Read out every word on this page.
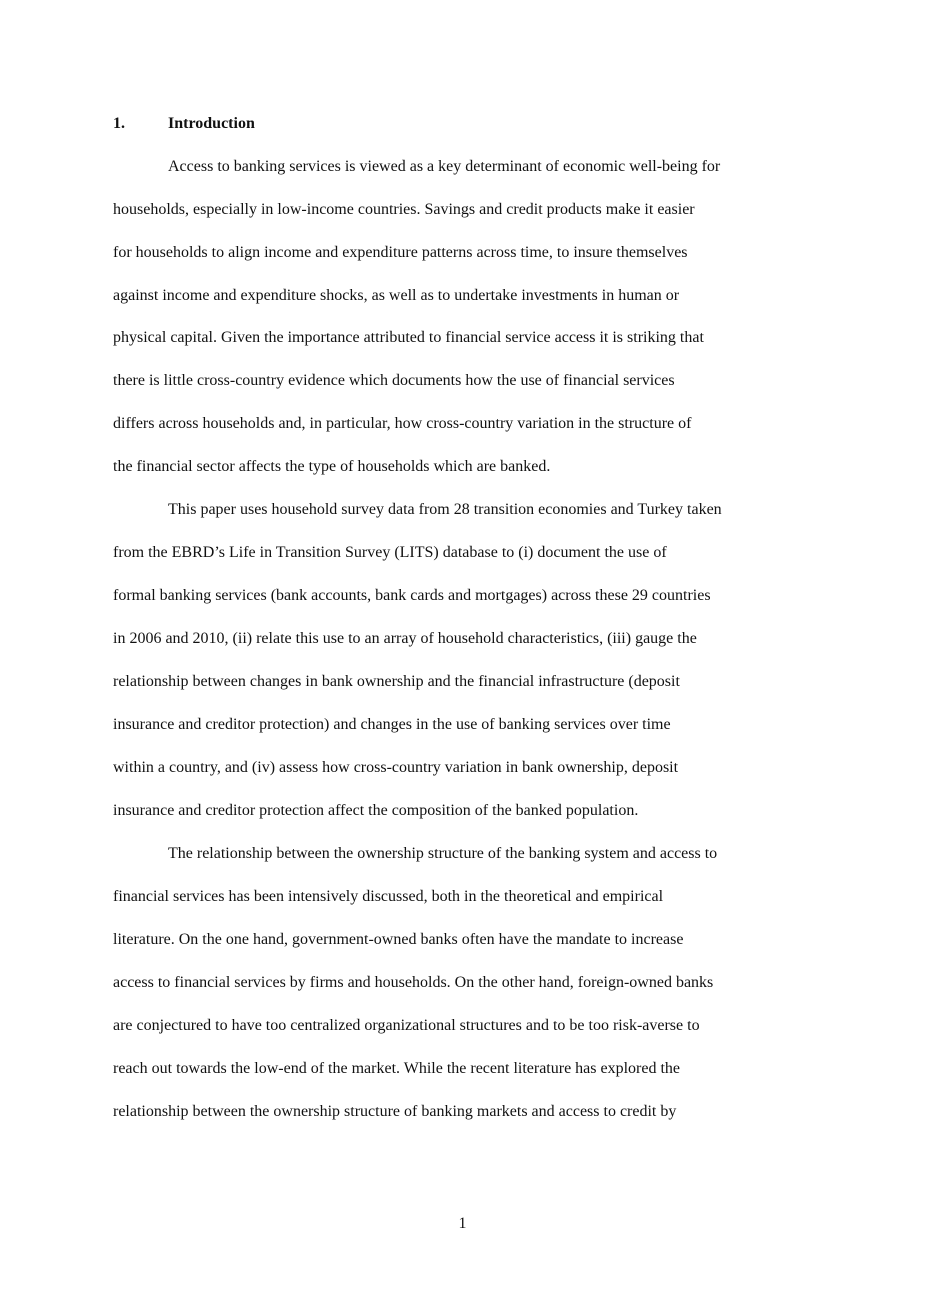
1.	Introduction
Access to banking services is viewed as a key determinant of economic well-being for
households, especially in low-income countries. Savings and credit products make it easier
for households to align income and expenditure patterns across time, to insure themselves
against income and expenditure shocks, as well as to undertake investments in human or
physical capital. Given the importance attributed to financial service access it is striking that
there is little cross-country evidence which documents how the use of financial services
differs across households and, in particular, how cross-country variation in the structure of
the financial sector affects the type of households which are banked.
This paper uses household survey data from 28 transition economies and Turkey taken
from the EBRD’s Life in Transition Survey (LITS) database to (i) document the use of
formal banking services (bank accounts, bank cards and mortgages) across these 29 countries
in 2006 and 2010, (ii) relate this use to an array of household characteristics, (iii) gauge the
relationship between changes in bank ownership and the financial infrastructure (deposit
insurance and creditor protection) and changes in the use of banking services over time
within a country, and (iv) assess how cross-country variation in bank ownership, deposit
insurance and creditor protection affect the composition of the banked population.
The relationship between the ownership structure of the banking system and access to
financial services has been intensively discussed, both in the theoretical and empirical
literature. On the one hand, government-owned banks often have the mandate to increase
access to financial services by firms and households. On the other hand, foreign-owned banks
are conjectured to have too centralized organizational structures and to be too risk-averse to
reach out towards the low-end of the market. While the recent literature has explored the
relationship between the ownership structure of banking markets and access to credit by
1
